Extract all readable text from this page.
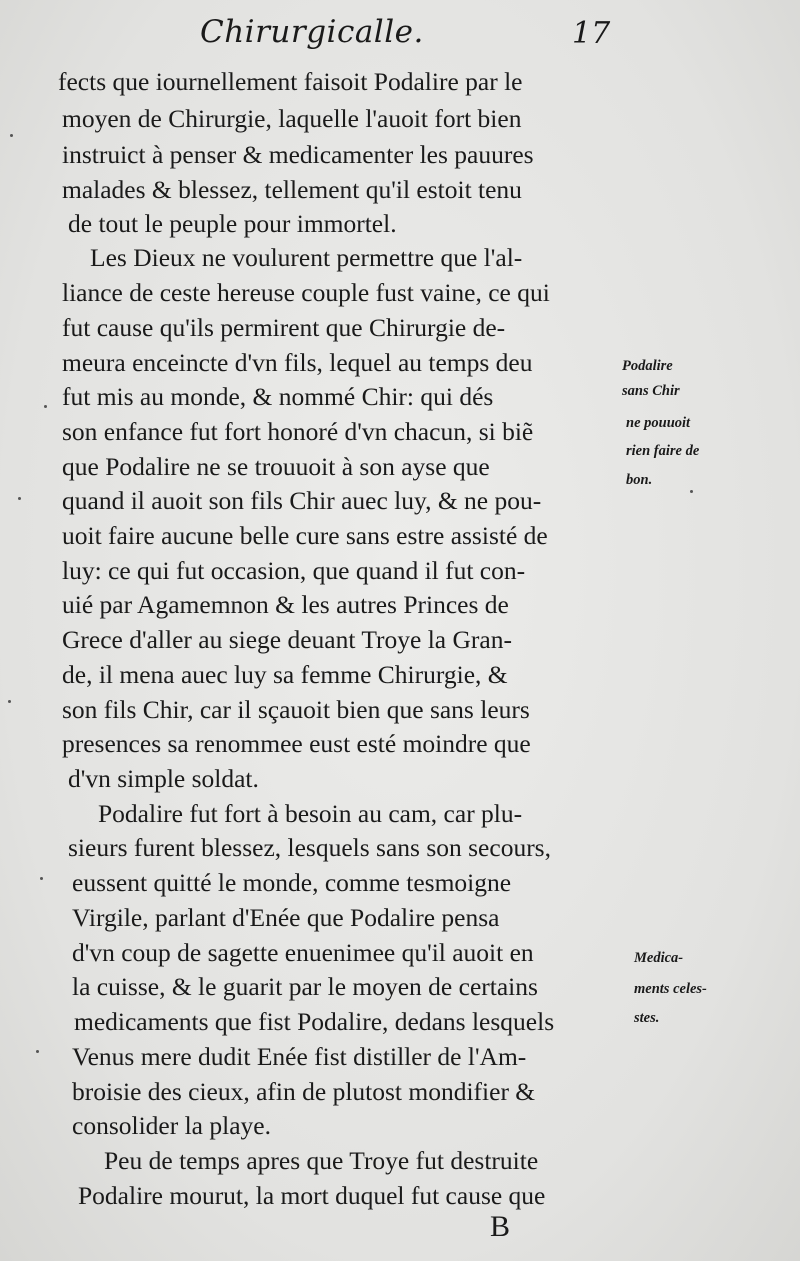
Chirurgicalle.	17
fects que iournellement faisoit Podalire par le
moyen de Chirurgie, laquelle l'auoit fort bien
instruict à penser & medicamenter les pauures
malades & blessez, tellement qu'il estoit tenu
de tout le peuple pour immortel.
Les Dieux ne voulurent permettre que l'al-
liance de ceste hereuse couple fust vaine, ce qui
fut cause qu'ils permirent que Chirurgie de-
meura enceincte d'vn fils, lequel au temps deu
fut mis au monde, & nommé Chir: qui dés
son enfance fut fort honoré d'vn chacun, si biẽ
que Podalire ne se trouuoit à son ayse que
quand il auoit son fils Chir auec luy, & ne pou-
uoit faire aucune belle cure sans estre assisté de
luy: ce qui fut occasion, que quand il fut con-
uié par Agamemnon & les autres Princes de
Grece d'aller au siege deuant Troye la Gran-
de, il mena auec luy sa femme Chirurgie, &
son fils Chir, car il sçauoit bien que sans leurs
presences sa renommee eust esté moindre que
d'vn simple soldat.
Podalire fut fort à besoin au cam, car plu-
sieurs furent blessez, lesquels sans son secours,
eussent quitté le monde, comme tesmoigne
Virgile, parlant d'Enée que Podalire pensa
d'vn coup de sagette enuenimee qu'il auoit en
la cuisse, & le guarit par le moyen de certains
medicaments que fist Podalire, dedans lesquels
Venus mere dudit Enée fist distiller de l'Am-
broisie des cieux, afin de plutost mondifier &
consolider la playe.
Peu de temps apres que Troye fut destruite
Podalire mourut, la mort duquel fut cause que
Podalire
sans Chir
ne pouuoit
rien faire de
bon.
Medica-
ments celes-
stes.
B
